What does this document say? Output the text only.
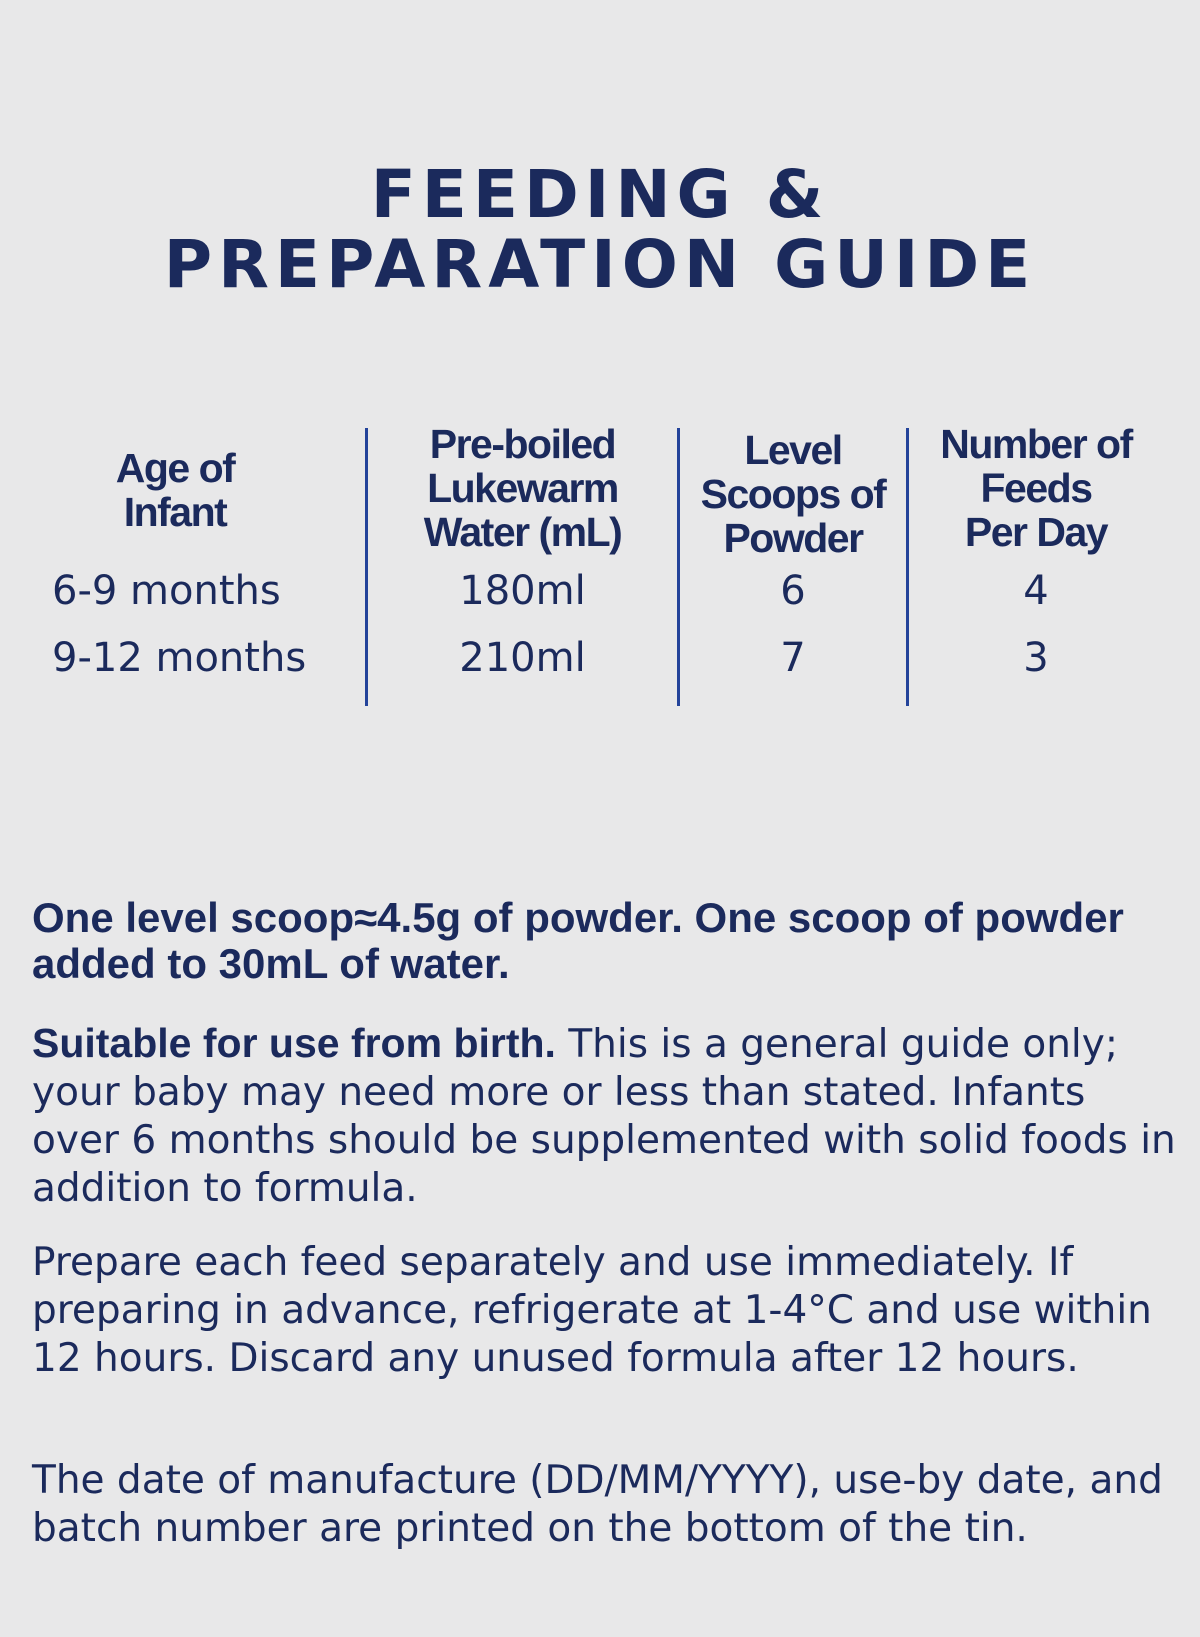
FEEDING &
PREPARATION GUIDE
Age of
Infant
6-9 months
9-12 months
Pre-boiled
Lukewarm
Water (mL)
180ml
210ml
Level
Scoops of
Powder
6
7
Number of
Feeds
Per Day
4
3
One level scoop≈4.5g of powder. One scoop of powder added to 30mL of water.
Suitable for use from birth. This is a general guide only; your baby may need more or less than stated. Infants over 6 months should be supplemented with solid foods in addition to formula.
Prepare each feed separately and use immediately. If preparing in advance, refrigerate at 1-4°C and use within 12 hours. Discard any unused formula after 12 hours.
The date of manufacture (DD/MM/YYYY), use-by date, and batch number are printed on the bottom of the tin.
